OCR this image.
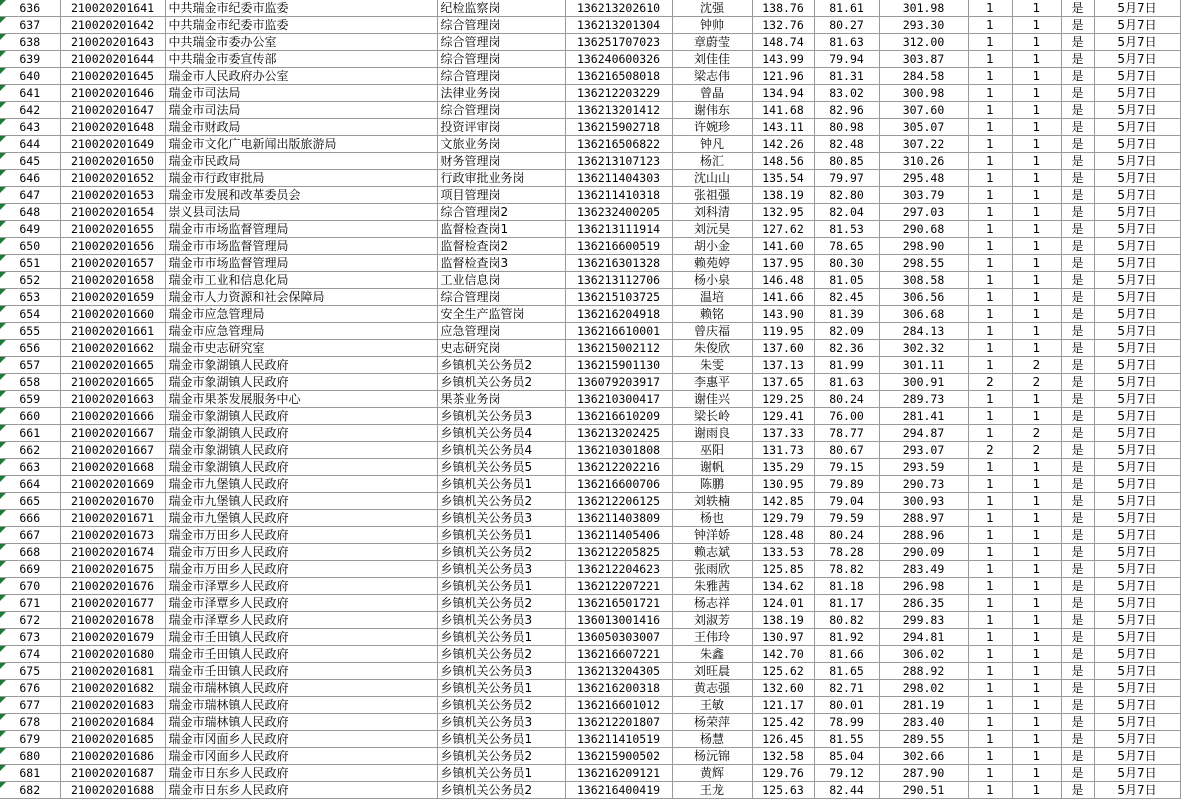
636	210020201641	中共瑞金市纪委市监委	纪检监察岗	136213202610	沈强	138.76	81.61	301.98	1	1	是	5月7日
637	210020201642	中共瑞金市纪委市监委	综合管理岗	136213201304	钟帅	132.76	80.27	293.30	1	1	是	5月7日
638	210020201643	中共瑞金市委办公室	综合管理岗	136251707023	章蔚莹	148.74	81.63	312.00	1	1	是	5月7日
639	210020201644	中共瑞金市委宣传部	综合管理岗	136240600326	刘佳佳	143.99	79.94	303.87	1	1	是	5月7日
640	210020201645	瑞金市人民政府办公室	综合管理岗	136216508018	梁志伟	121.96	81.31	284.58	1	1	是	5月7日
641	210020201646	瑞金市司法局	法律业务岗	136212203229	曾晶	134.94	83.02	300.98	1	1	是	5月7日
642	210020201647	瑞金市司法局	综合管理岗	136213201412	谢伟东	141.68	82.96	307.60	1	1	是	5月7日
643	210020201648	瑞金市财政局	投资评审岗	136215902718	许婉珍	143.11	80.98	305.07	1	1	是	5月7日
644	210020201649	瑞金市文化广电新闻出版旅游局	文旅业务岗	136216506822	钟凡	142.26	82.48	307.22	1	1	是	5月7日
645	210020201650	瑞金市民政局	财务管理岗	136213107123	杨汇	148.56	80.85	310.26	1	1	是	5月7日
646	210020201652	瑞金市行政审批局	行政审批业务岗	136211404303	沈山山	135.54	79.97	295.48	1	1	是	5月7日
647	210020201653	瑞金市发展和改革委员会	项目管理岗	136211410318	张祖强	138.19	82.80	303.79	1	1	是	5月7日
648	210020201654	崇义县司法局	综合管理岗2	136232400205	刘科清	132.95	82.04	297.03	1	1	是	5月7日
649	210020201655	瑞金市市场监督管理局	监督检查岗1	136213111914	刘沅昊	127.62	81.53	290.68	1	1	是	5月7日
650	210020201656	瑞金市市场监督管理局	监督检查岗2	136216600519	胡小金	141.60	78.65	298.90	1	1	是	5月7日
651	210020201657	瑞金市市场监督管理局	监督检查岗3	136216301328	赖苑婷	137.95	80.30	298.55	1	1	是	5月7日
652	210020201658	瑞金市工业和信息化局	工业信息岗	136213112706	杨小泉	146.48	81.05	308.58	1	1	是	5月7日
653	210020201659	瑞金市人力资源和社会保障局	综合管理岗	136215103725	温培	141.66	82.45	306.56	1	1	是	5月7日
654	210020201660	瑞金市应急管理局	安全生产监管岗	136216204918	赖铭	143.90	81.39	306.68	1	1	是	5月7日
655	210020201661	瑞金市应急管理局	应急管理岗	136216610001	曾庆福	119.95	82.09	284.13	1	1	是	5月7日
656	210020201662	瑞金市史志研究室	史志研究岗	136215002112	朱俊欣	137.60	82.36	302.32	1	1	是	5月7日
657	210020201665	瑞金市象湖镇人民政府	乡镇机关公务员2	136215901130	朱雯	137.13	81.99	301.11	1	2	是	5月7日
658	210020201665	瑞金市象湖镇人民政府	乡镇机关公务员2	136079203917	李惠平	137.65	81.63	300.91	2	2	是	5月7日
659	210020201663	瑞金市果茶发展服务中心	果茶业务岗	136210300417	谢佳兴	129.25	80.24	289.73	1	1	是	5月7日
660	210020201666	瑞金市象湖镇人民政府	乡镇机关公务员3	136216610209	梁长岭	129.41	76.00	281.41	1	1	是	5月7日
661	210020201667	瑞金市象湖镇人民政府	乡镇机关公务员4	136213202425	谢雨良	137.33	78.77	294.87	1	2	是	5月7日
662	210020201667	瑞金市象湖镇人民政府	乡镇机关公务员4	136210301808	巫阳	131.73	80.67	293.07	2	2	是	5月7日
663	210020201668	瑞金市象湖镇人民政府	乡镇机关公务员5	136212202216	谢帆	135.29	79.15	293.59	1	1	是	5月7日
664	210020201669	瑞金市九堡镇人民政府	乡镇机关公务员1	136216600706	陈鹏	130.95	79.89	290.73	1	1	是	5月7日
665	210020201670	瑞金市九堡镇人民政府	乡镇机关公务员2	136212206125	刘轶楠	142.85	79.04	300.93	1	1	是	5月7日
666	210020201671	瑞金市九堡镇人民政府	乡镇机关公务员3	136211403809	杨也	129.79	79.59	288.97	1	1	是	5月7日
667	210020201673	瑞金市万田乡人民政府	乡镇机关公务员1	136211405406	钟洋娇	128.48	80.24	288.96	1	1	是	5月7日
668	210020201674	瑞金市万田乡人民政府	乡镇机关公务员2	136212205825	赖志斌	133.53	78.28	290.09	1	1	是	5月7日
669	210020201675	瑞金市万田乡人民政府	乡镇机关公务员3	136212204623	张雨欣	125.85	78.82	283.49	1	1	是	5月7日
670	210020201676	瑞金市泽覃乡人民政府	乡镇机关公务员1	136212207221	朱雅茜	134.62	81.18	296.98	1	1	是	5月7日
671	210020201677	瑞金市泽覃乡人民政府	乡镇机关公务员2	136216501721	杨志祥	124.01	81.17	286.35	1	1	是	5月7日
672	210020201678	瑞金市泽覃乡人民政府	乡镇机关公务员3	136013001416	刘淑芳	138.19	80.82	299.83	1	1	是	5月7日
673	210020201679	瑞金市壬田镇人民政府	乡镇机关公务员1	136050303007	王伟玲	130.97	81.92	294.81	1	1	是	5月7日
674	210020201680	瑞金市壬田镇人民政府	乡镇机关公务员2	136216607221	朱鑫	142.70	81.66	306.02	1	1	是	5月7日
675	210020201681	瑞金市壬田镇人民政府	乡镇机关公务员3	136213204305	刘旺晨	125.62	81.65	288.92	1	1	是	5月7日
676	210020201682	瑞金市瑞林镇人民政府	乡镇机关公务员1	136216200318	黄志强	132.60	82.71	298.02	1	1	是	5月7日
677	210020201683	瑞金市瑞林镇人民政府	乡镇机关公务员2	136216601012	王敏	121.17	80.01	281.19	1	1	是	5月7日
678	210020201684	瑞金市瑞林镇人民政府	乡镇机关公务员3	136212201807	杨荣萍	125.42	78.99	283.40	1	1	是	5月7日
679	210020201685	瑞金市冈面乡人民政府	乡镇机关公务员1	136211410519	杨慧	126.45	81.55	289.55	1	1	是	5月7日
680	210020201686	瑞金市冈面乡人民政府	乡镇机关公务员2	136215900502	杨沅锦	132.58	85.04	302.66	1	1	是	5月7日
681	210020201687	瑞金市日东乡人民政府	乡镇机关公务员1	136216209121	黄辉	129.76	79.12	287.90	1	1	是	5月7日
682	210020201688	瑞金市日东乡人民政府	乡镇机关公务员2	136216400419	王龙	125.63	82.44	290.51	1	1	是	5月7日
